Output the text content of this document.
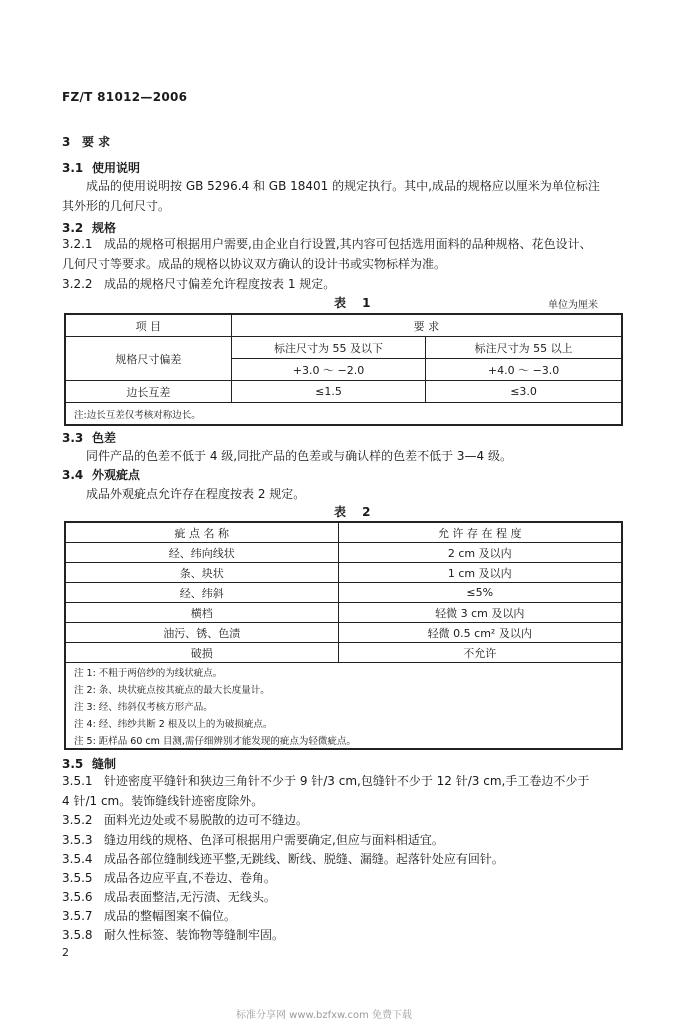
FZ/T 81012—2006
3 要 求
3.1 使用说明
成品的使用说明按 GB 5296.4 和 GB 18401 的规定执行。其中,成品的规格应以厘米为单位标注
其外形的几何尺寸。
3.2 规格
3.2.1 成品的规格可根据用户需要,由企业自行设置,其内容可包括选用面料的品种规格、花色设计、
几何尺寸等要求。成品的规格以协议双方确认的设计书或实物标样为准。
3.2.2 成品的规格尺寸偏差允许程度按表 1 规定。
表 1	单位为厘米
项 目	要 求	
规格尺寸偏差	标注尺寸为 55 及以下	标注尺寸为 55 以上
	+3.0 ～ −2.0	+4.0 ～ −3.0
边长互差	≤1.5	≤3.0
注:边长互差仅考核对称边长。		
3.3 色差
同件产品的色差不低于 4 级,同批产品的色差或与确认样的色差不低于 3—4 级。
3.4 外观疵点
成品外观疵点允许存在程度按表 2 规定。
表 2
疵 点 名 称	允 许 存 在 程 度
经、纬向线状	2 cm 及以内
条、块状	1 cm 及以内
经、纬斜	≤5%
横档	轻微 3 cm 及以内
油污、锈、色渍	轻微 0.5 cm² 及以内
破损	不允许
注 1: 不粗于两倍纱的为线状疵点。	
注 2: 条、块状疵点按其疵点的最大长度量计。	
注 3: 经、纬斜仅考核方形产品。	
注 4: 经、纬纱共断 2 根及以上的为破损疵点。	
注 5: 距样品 60 cm 目测,需仔细辨别才能发现的疵点为轻微疵点。	
3.5 缝制
3.5.1 针迹密度平缝针和狭边三角针不少于 9 针/3 cm,包缝针不少于 12 针/3 cm,手工卷边不少于
4 针/1 cm。装饰缝线针迹密度除外。
3.5.2 面料光边处或不易脱散的边可不缝边。
3.5.3 缝边用线的规格、色泽可根据用户需要确定,但应与面料相适宜。
3.5.4 成品各部位缝制线迹平整,无跳线、断线、脱缝、漏缝。起落针处应有回针。
3.5.5 成品各边应平直,不卷边、卷角。
3.5.6 成品表面整洁,无污渍、无线头。
3.5.7 成品的整幅图案不偏位。
3.5.8 耐久性标签、装饰物等缝制牢固。
2
标准分享网 www.bzfxw.com 免费下载
